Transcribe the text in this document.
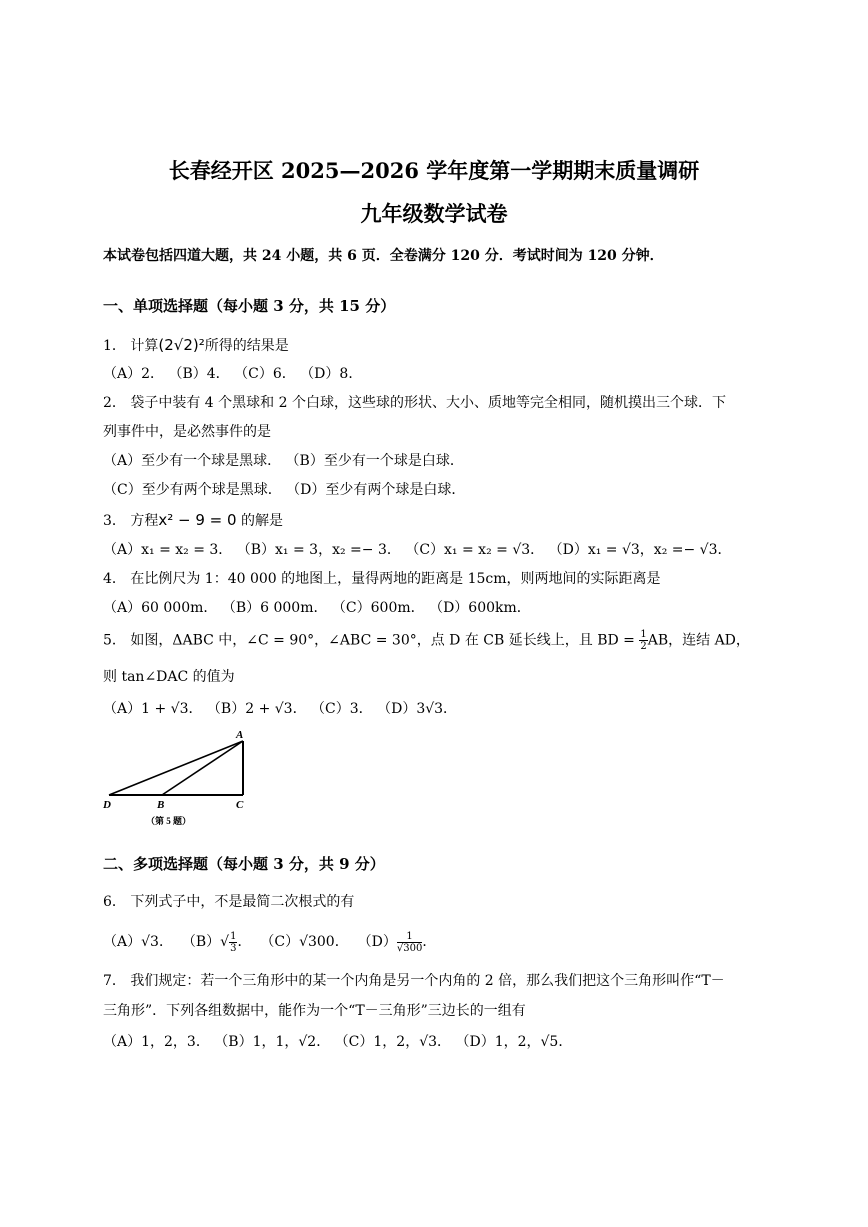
长春经开区 2025—2026 学年度第一学期期末质量调研
九年级数学试卷
本试卷包括四道大题，共 24 小题，共 6 页．全卷满分 120 分．考试时间为 120 分钟．
一、单项选择题（每小题 3 分，共 15 分）
1． 计算(2√2)²所得的结果是
（A）2． （B）4． （C）6． （D）8．
2． 袋子中装有 4 个黑球和 2 个白球，这些球的形状、大小、质地等完全相同，随机摸出三个球．下
列事件中，是必然事件的是
（A）至少有一个球是黑球． （B）至少有一个球是白球．
（C）至少有两个球是黑球． （D）至少有两个球是白球．
3． 方程x² − 9 = 0 的解是
（A）x₁ = x₂ = 3． （B）x₁ = 3，x₂ =− 3． （C）x₁ = x₂ = √3． （D）x₁ = √3，x₂ =− √3．
4． 在比例尺为 1：40 000 的地图上，量得两地的距离是 15cm，则两地间的实际距离是
（A）60 000m． （B）6 000m． （C）600m． （D）600km．
5． 如图，ΔABC 中，∠C = 90°，∠ABC = 30°，点 D 在 CB 延长线上，且 BD = $\frac{1}{2}$ AB，连结 AD，
则 tan∠DAC 的值为
（A）1 + √3． （B）2 + √3． （C）3． （D）3√3．
A
B	C
D
（第 5 题）
二、多项选择题（每小题 3 分，共 9 分）
6． 下列式子中，不是最简二次根式的有
（A）√3． $(B)√ \frac{1}{3}$ ．  （C）√300． $(D) \frac{1}{√300}$ ．
7． 我们规定：若一个三角形中的某一个内角是另一个内角的 2 倍，那么我们把这个三角形叫作“T－
三角形”．下列各组数据中，能作为一个“T－三角形”三边长的一组有
（A）1，2，3． （B）1，1，√2． （C）1，2，√3． （D）1，2，√5．
